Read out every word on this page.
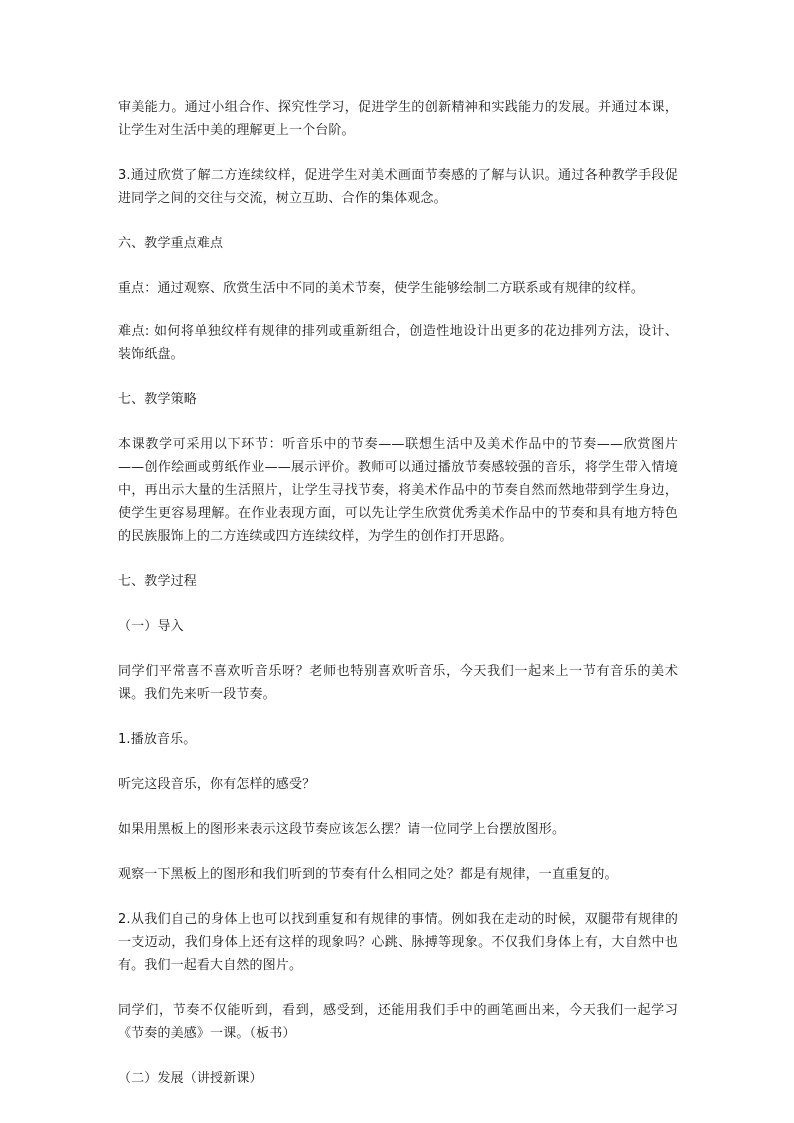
审美能力。通过小组合作、探究性学习，促进学生的创新精神和实践能力的发展。并通过本课，让学生对生活中美的理解更上一个台阶。

3.通过欣赏了解二方连续纹样，促进学生对美术画面节奏感的了解与认识。通过各种教学手段促进同学之间的交往与交流，树立互助、合作的集体观念。

六、教学重点难点

重点：通过观察、欣赏生活中不同的美术节奏，使学生能够绘制二方联系或有规律的纹样。

难点: 如何将单独纹样有规律的排列或重新组合，创造性地设计出更多的花边排列方法，设计、装饰纸盘。

七、教学策略

本课教学可采用以下环节：听音乐中的节奏——联想生活中及美术作品中的节奏——欣赏图片——创作绘画或剪纸作业——展示评价。教师可以通过播放节奏感较强的音乐，将学生带入情境中，再出示大量的生活照片，让学生寻找节奏，将美术作品中的节奏自然而然地带到学生身边，使学生更容易理解。在作业表现方面，可以先让学生欣赏优秀美术作品中的节奏和具有地方特色的民族服饰上的二方连续或四方连续纹样，为学生的创作打开思路。

七、教学过程

（一）导入

同学们平常喜不喜欢听音乐呀？老师也特别喜欢听音乐，今天我们一起来上一节有音乐的美术课。我们先来听一段节奏。

1.播放音乐。

听完这段音乐，你有怎样的感受？

如果用黑板上的图形来表示这段节奏应该怎么摆？请一位同学上台摆放图形。

观察一下黑板上的图形和我们听到的节奏有什么相同之处？都是有规律，一直重复的。

2.从我们自己的身体上也可以找到重复和有规律的事情。例如我在走动的时候，双腿带有规律的一支迈动，我们身体上还有这样的现象吗？心跳、脉搏等现象。不仅我们身体上有，大自然中也有。我们一起看大自然的图片。

同学们，节奏不仅能听到，看到，感受到，还能用我们手中的画笔画出来，今天我们一起学习《节奏的美感》一课。（板书）

（二）发展（讲授新课）
